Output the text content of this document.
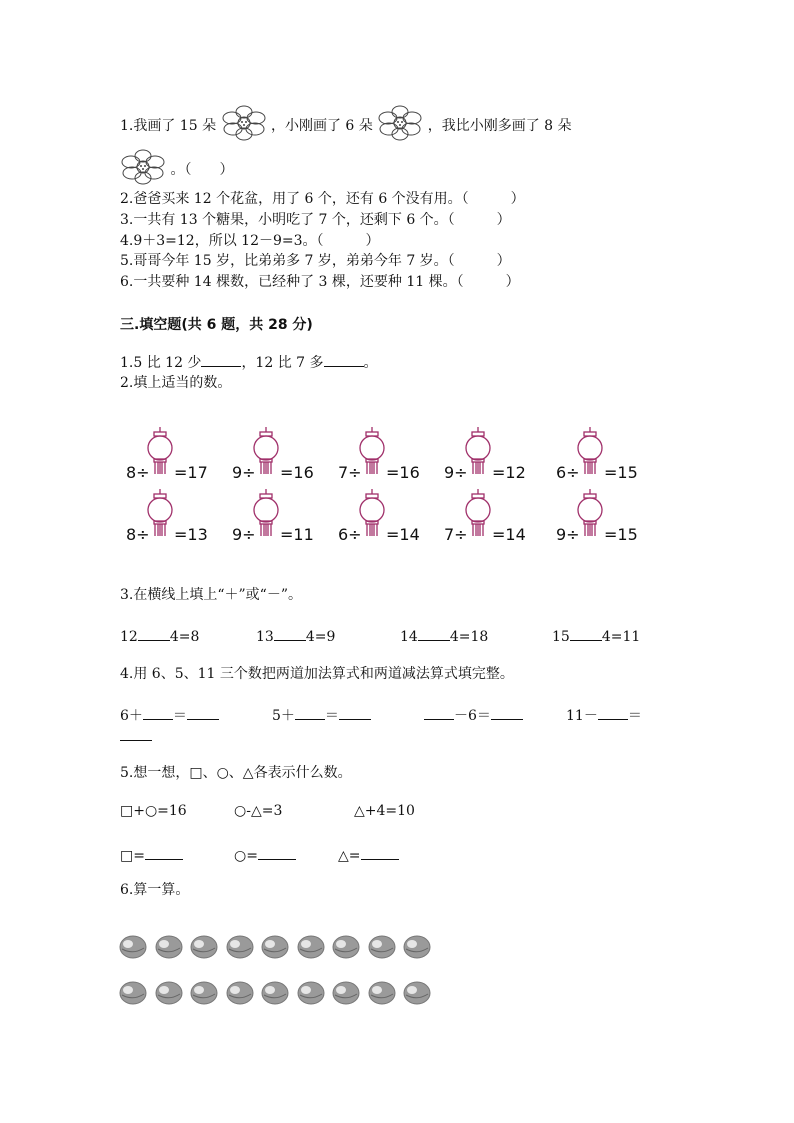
1.我画了 15 朵	，小刚画了 6 朵	，我比小刚多画了 8 朵
。（　　）
2.爸爸买来 12 个花盆，用了 6 个，还有 6 个没有用。（　　　）
3.一共有 13 个糖果，小明吃了 7 个，还剩下 6 个。（　　　）
4.9＋3=12，所以 12－9=3。（　　　）
5.哥哥今年 15 岁，比弟弟多 7 岁，弟弟今年 7 岁。（　　　）
6.一共要种 14 棵数，已经种了 3 棵，还要种 11 棵。（　　　）
三.填空题(共 6 题，共 28 分)
1.5 比 12 少	，12 比 7 多	。
2.填上适当的数。
8÷ =17 9÷ =16 7÷ =16 9÷ =12 6÷ =15
8÷ =13 9÷ =11 6÷ =14 7÷ =14 9÷ =15
3.在横线上填上“＋”或“－”。
12 4=8	13 4=9	14 4=18	15 4=11
4.用 6、5、11 三个数把两道加法算式和两道减法算式填完整。
6＋ ＝	5＋ ＝	－6＝	11－ ＝
5.想一想，□、○、△各表示什么数。
□+○=16	○-△=3	△+4=10
□=	○=	△=
6.算一算。
